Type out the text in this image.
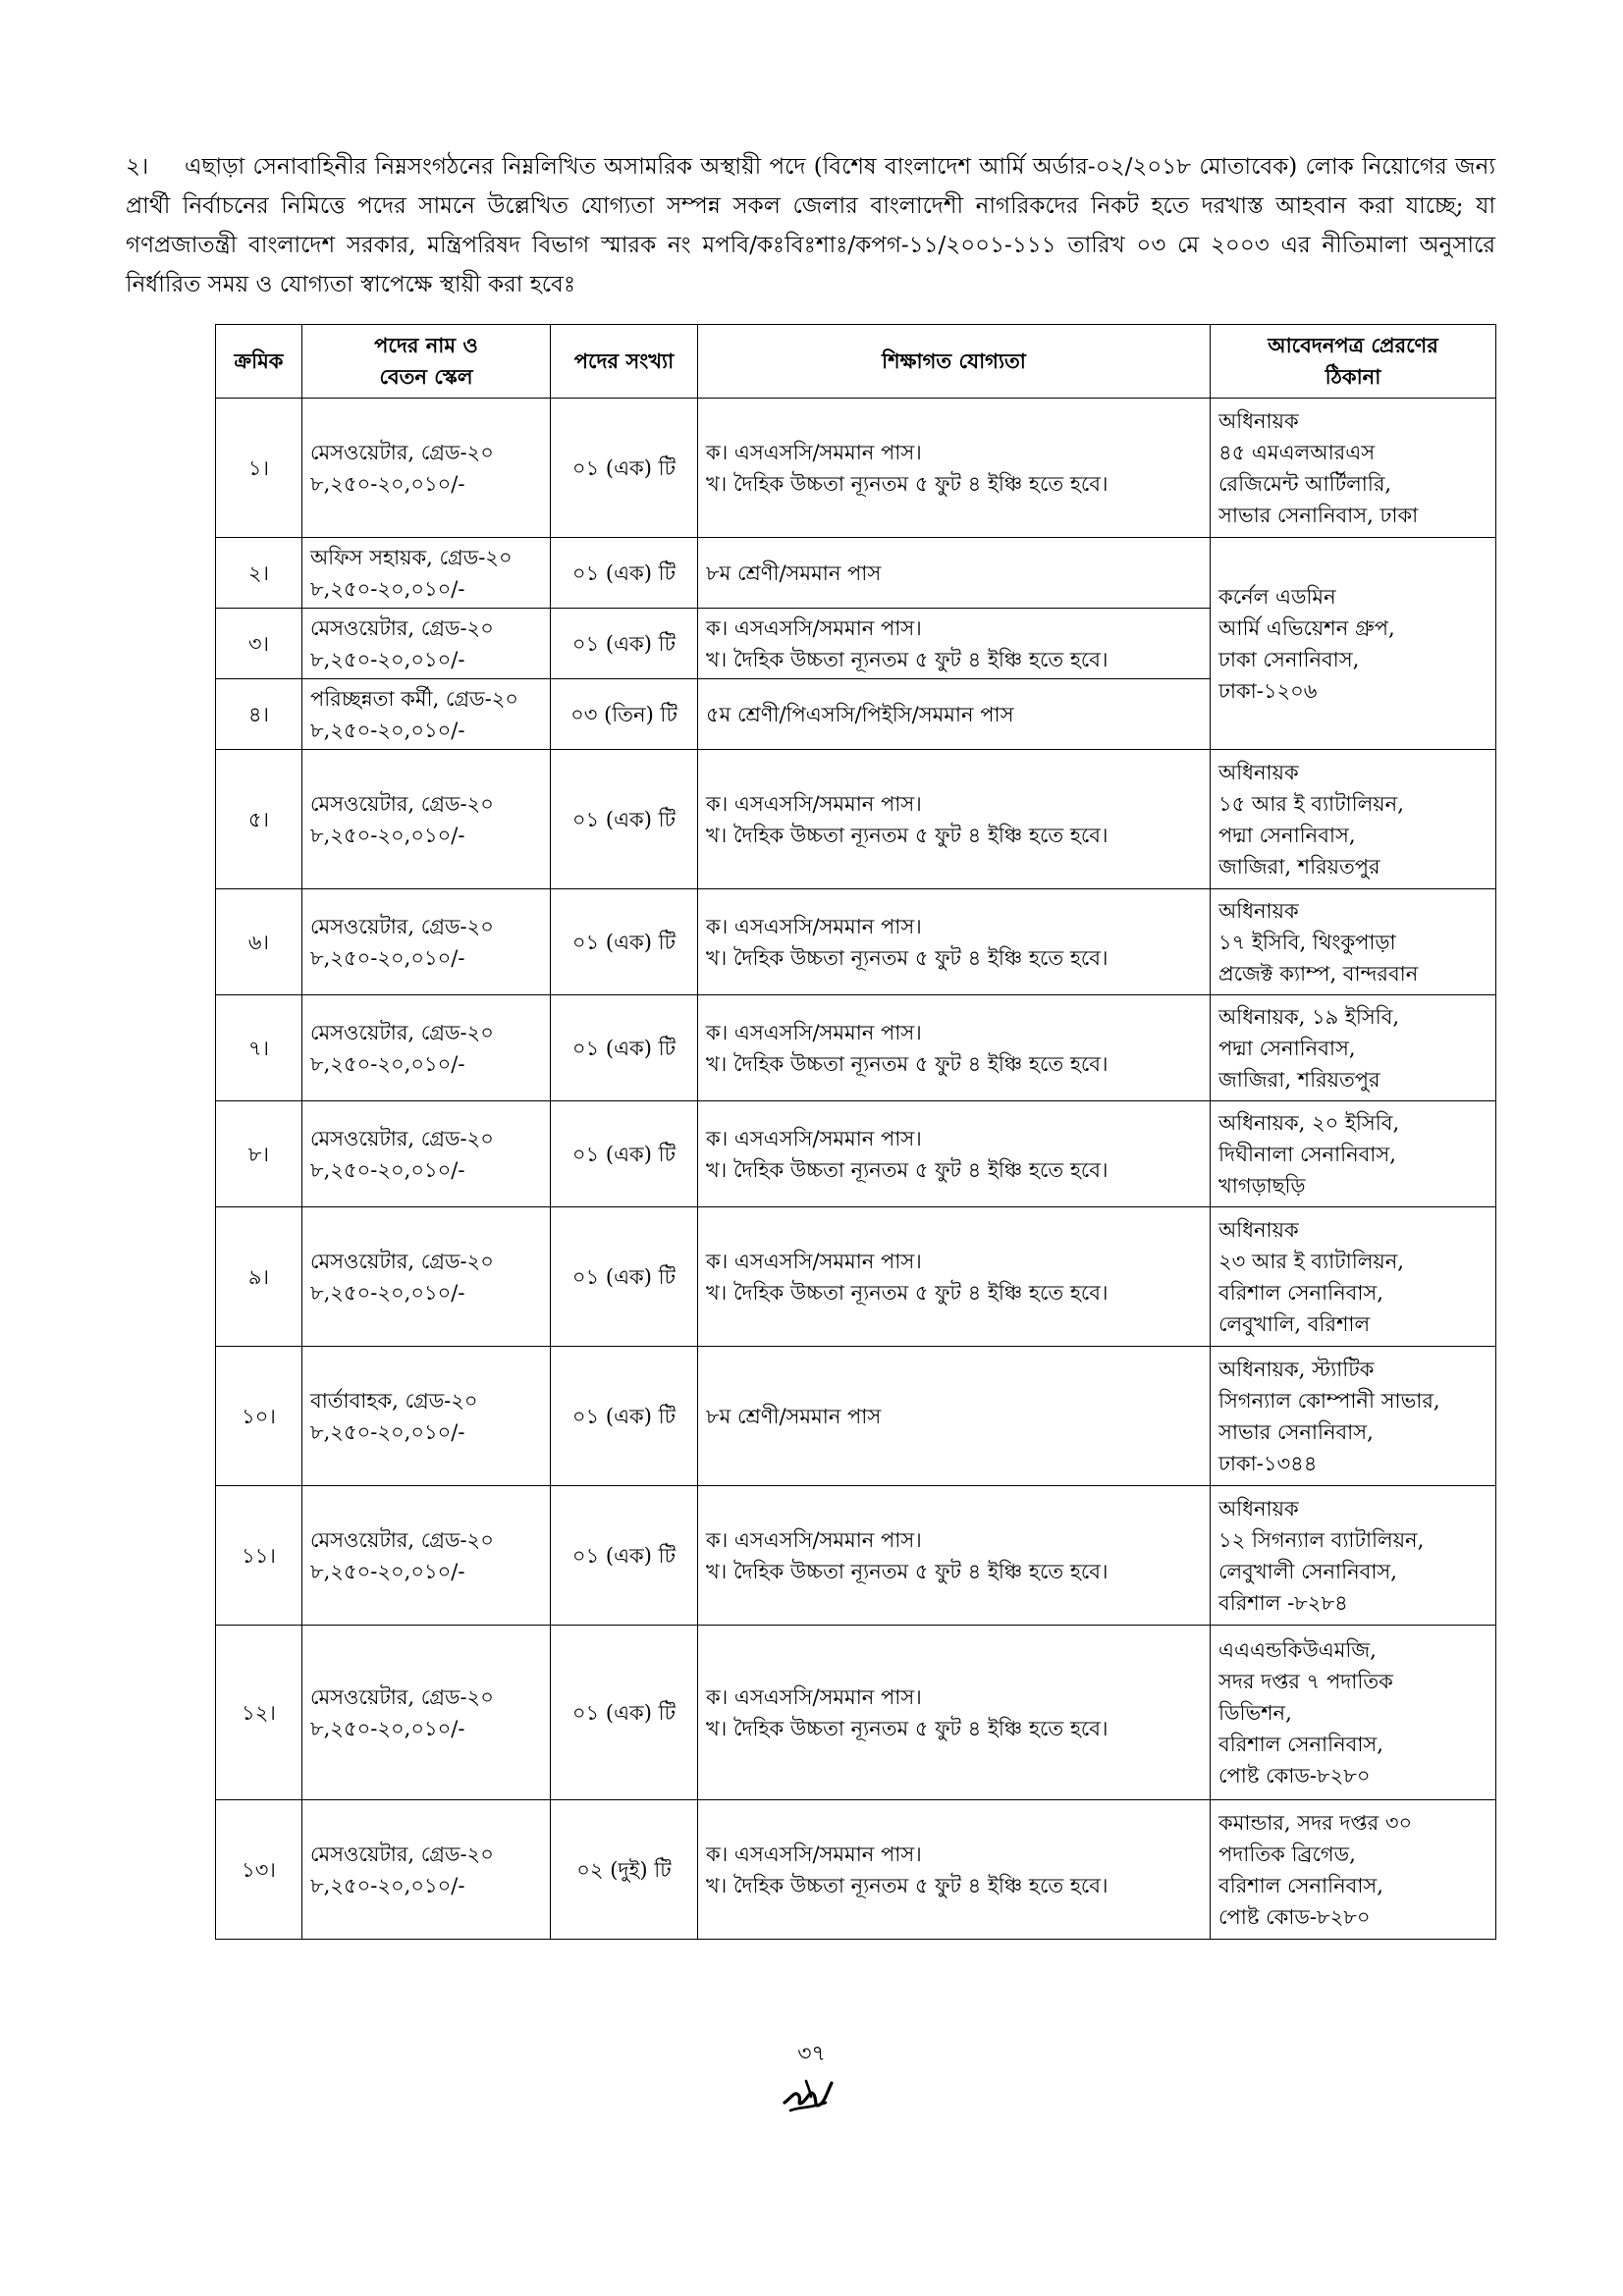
২। এছাড়া সেনাবাহিনীর নিম্নসংগঠনের নিম্নলিখিত অসামরিক অস্থায়ী পদে (বিশেষ বাংলাদেশ আর্মি অর্ডার-০২/২০১৮ মোতাবেক) লোক নিয়োগের জন্য প্রার্থী নির্বাচনের নিমিত্তে পদের সামনে উল্লেখিত যোগ্যতা সম্পন্ন সকল জেলার বাংলাদেশী নাগরিকদের নিকট হতে দরখাস্ত আহবান করা যাচ্ছে; যা গণপ্রজাতন্ত্রী বাংলাদেশ সরকার, মন্ত্রিপরিষদ বিভাগ স্মারক নং মপবি/কঃবিঃশাঃ/কপগ-১১/২০০১-১১১ তারিখ ০৩ মে ২০০৩ এর নীতিমালা অনুসারে নির্ধারিত সময় ও যোগ্যতা স্বাপেক্ষে স্থায়ী করা হবেঃ
ক্রমিক	পদের নাম ও
বেতন স্কেল	পদের সংখ্যা	শিক্ষাগত যোগ্যতা	আবেদনপত্র প্রেরণের
ঠিকানা

১।	মেসওয়েটার, গ্রেড-২০
৮,২৫০-২০,০১০/-	০১ (এক) টি	ক। এসএসসি/সমমান পাস।
খ। দৈহিক উচ্চতা ন্যূনতম ৫ ফুট ৪ ইঞ্চি হতে হবে।	অধিনায়ক
৪৫ এমএলআরএস
রেজিমেন্ট আর্টিলারি,
সাভার সেনানিবাস, ঢাকা

২।	অফিস সহায়ক, গ্রেড-২০
৮,২৫০-২০,০১০/-	০১ (এক) টি	৮ম শ্রেণী/সমমান পাস	কর্নেল এডমিন
আর্মি এভিয়েশন গ্রুপ,
ঢাকা সেনানিবাস,
ঢাকা-১২০৬

৩।	মেসওয়েটার, গ্রেড-২০
৮,২৫০-২০,০১০/-	০১ (এক) টি	ক। এসএসসি/সমমান পাস।
খ। দৈহিক উচ্চতা ন্যূনতম ৫ ফুট ৪ ইঞ্চি হতে হবে।	

৪।	পরিচ্ছন্নতা কর্মী, গ্রেড-২০
৮,২৫০-২০,০১০/-	০৩ (তিন) টি	৫ম শ্রেণী/পিএসসি/পিইসি/সমমান পাস	

৫।	মেসওয়েটার, গ্রেড-২০
৮,২৫০-২০,০১০/-	০১ (এক) টি	ক। এসএসসি/সমমান পাস।
খ। দৈহিক উচ্চতা ন্যূনতম ৫ ফুট ৪ ইঞ্চি হতে হবে।	অধিনায়ক
১৫ আর ই ব্যাটালিয়ন,
পদ্মা সেনানিবাস,
জাজিরা, শরিয়তপুর

৬।	মেসওয়েটার, গ্রেড-২০
৮,২৫০-২০,০১০/-	০১ (এক) টি	ক। এসএসসি/সমমান পাস।
খ। দৈহিক উচ্চতা ন্যূনতম ৫ ফুট ৪ ইঞ্চি হতে হবে।	অধিনায়ক
১৭ ইসিবি, থিংকুপাড়া
প্রজেক্ট ক্যাম্প, বান্দরবান

৭।	মেসওয়েটার, গ্রেড-২০
৮,২৫০-২০,০১০/-	০১ (এক) টি	ক। এসএসসি/সমমান পাস।
খ। দৈহিক উচ্চতা ন্যূনতম ৫ ফুট ৪ ইঞ্চি হতে হবে।	অধিনায়ক, ১৯ ইসিবি,
পদ্মা সেনানিবাস,
জাজিরা, শরিয়তপুর

৮।	মেসওয়েটার, গ্রেড-২০
৮,২৫০-২০,০১০/-	০১ (এক) টি	ক। এসএসসি/সমমান পাস।
খ। দৈহিক উচ্চতা ন্যূনতম ৫ ফুট ৪ ইঞ্চি হতে হবে।	অধিনায়ক, ২০ ইসিবি,
দিঘীনালা সেনানিবাস,
খাগড়াছড়ি

৯।	মেসওয়েটার, গ্রেড-২০
৮,২৫০-২০,০১০/-	০১ (এক) টি	ক। এসএসসি/সমমান পাস।
খ। দৈহিক উচ্চতা ন্যূনতম ৫ ফুট ৪ ইঞ্চি হতে হবে।	অধিনায়ক
২৩ আর ই ব্যাটালিয়ন,
বরিশাল সেনানিবাস,
লেবুখালি, বরিশাল

১০।	বার্তাবাহক, গ্রেড-২০
৮,২৫০-২০,০১০/-	০১ (এক) টি	৮ম শ্রেণী/সমমান পাস	অধিনায়ক, স্ট্যাটিক
সিগন্যাল কোম্পানী সাভার,
সাভার সেনানিবাস,
ঢাকা-১৩৪৪

১১।	মেসওয়েটার, গ্রেড-২০
৮,২৫০-২০,০১০/-	০১ (এক) টি	ক। এসএসসি/সমমান পাস।
খ। দৈহিক উচ্চতা ন্যূনতম ৫ ফুট ৪ ইঞ্চি হতে হবে।	অধিনায়ক
১২ সিগন্যাল ব্যাটালিয়ন,
লেবুখালী সেনানিবাস,
বরিশাল -৮২৮৪

১২।	মেসওয়েটার, গ্রেড-২০
৮,২৫০-২০,০১০/-	০১ (এক) টি	ক। এসএসসি/সমমান পাস।
খ। দৈহিক উচ্চতা ন্যূনতম ৫ ফুট ৪ ইঞ্চি হতে হবে।	এএএন্ডকিউএমজি,
সদর দপ্তর ৭ পদাতিক
ডিভিশন,
বরিশাল সেনানিবাস,
পোষ্ট কোড-৮২৮০

১৩।	মেসওয়েটার, গ্রেড-২০
৮,২৫০-২০,০১০/-	০২ (দুই) টি	ক। এসএসসি/সমমান পাস।
খ। দৈহিক উচ্চতা ন্যূনতম ৫ ফুট ৪ ইঞ্চি হতে হবে।	কমান্ডার, সদর দপ্তর ৩০
পদাতিক ব্রিগেড,
বরিশাল সেনানিবাস,
পোষ্ট কোড-৮২৮০
৩৭
